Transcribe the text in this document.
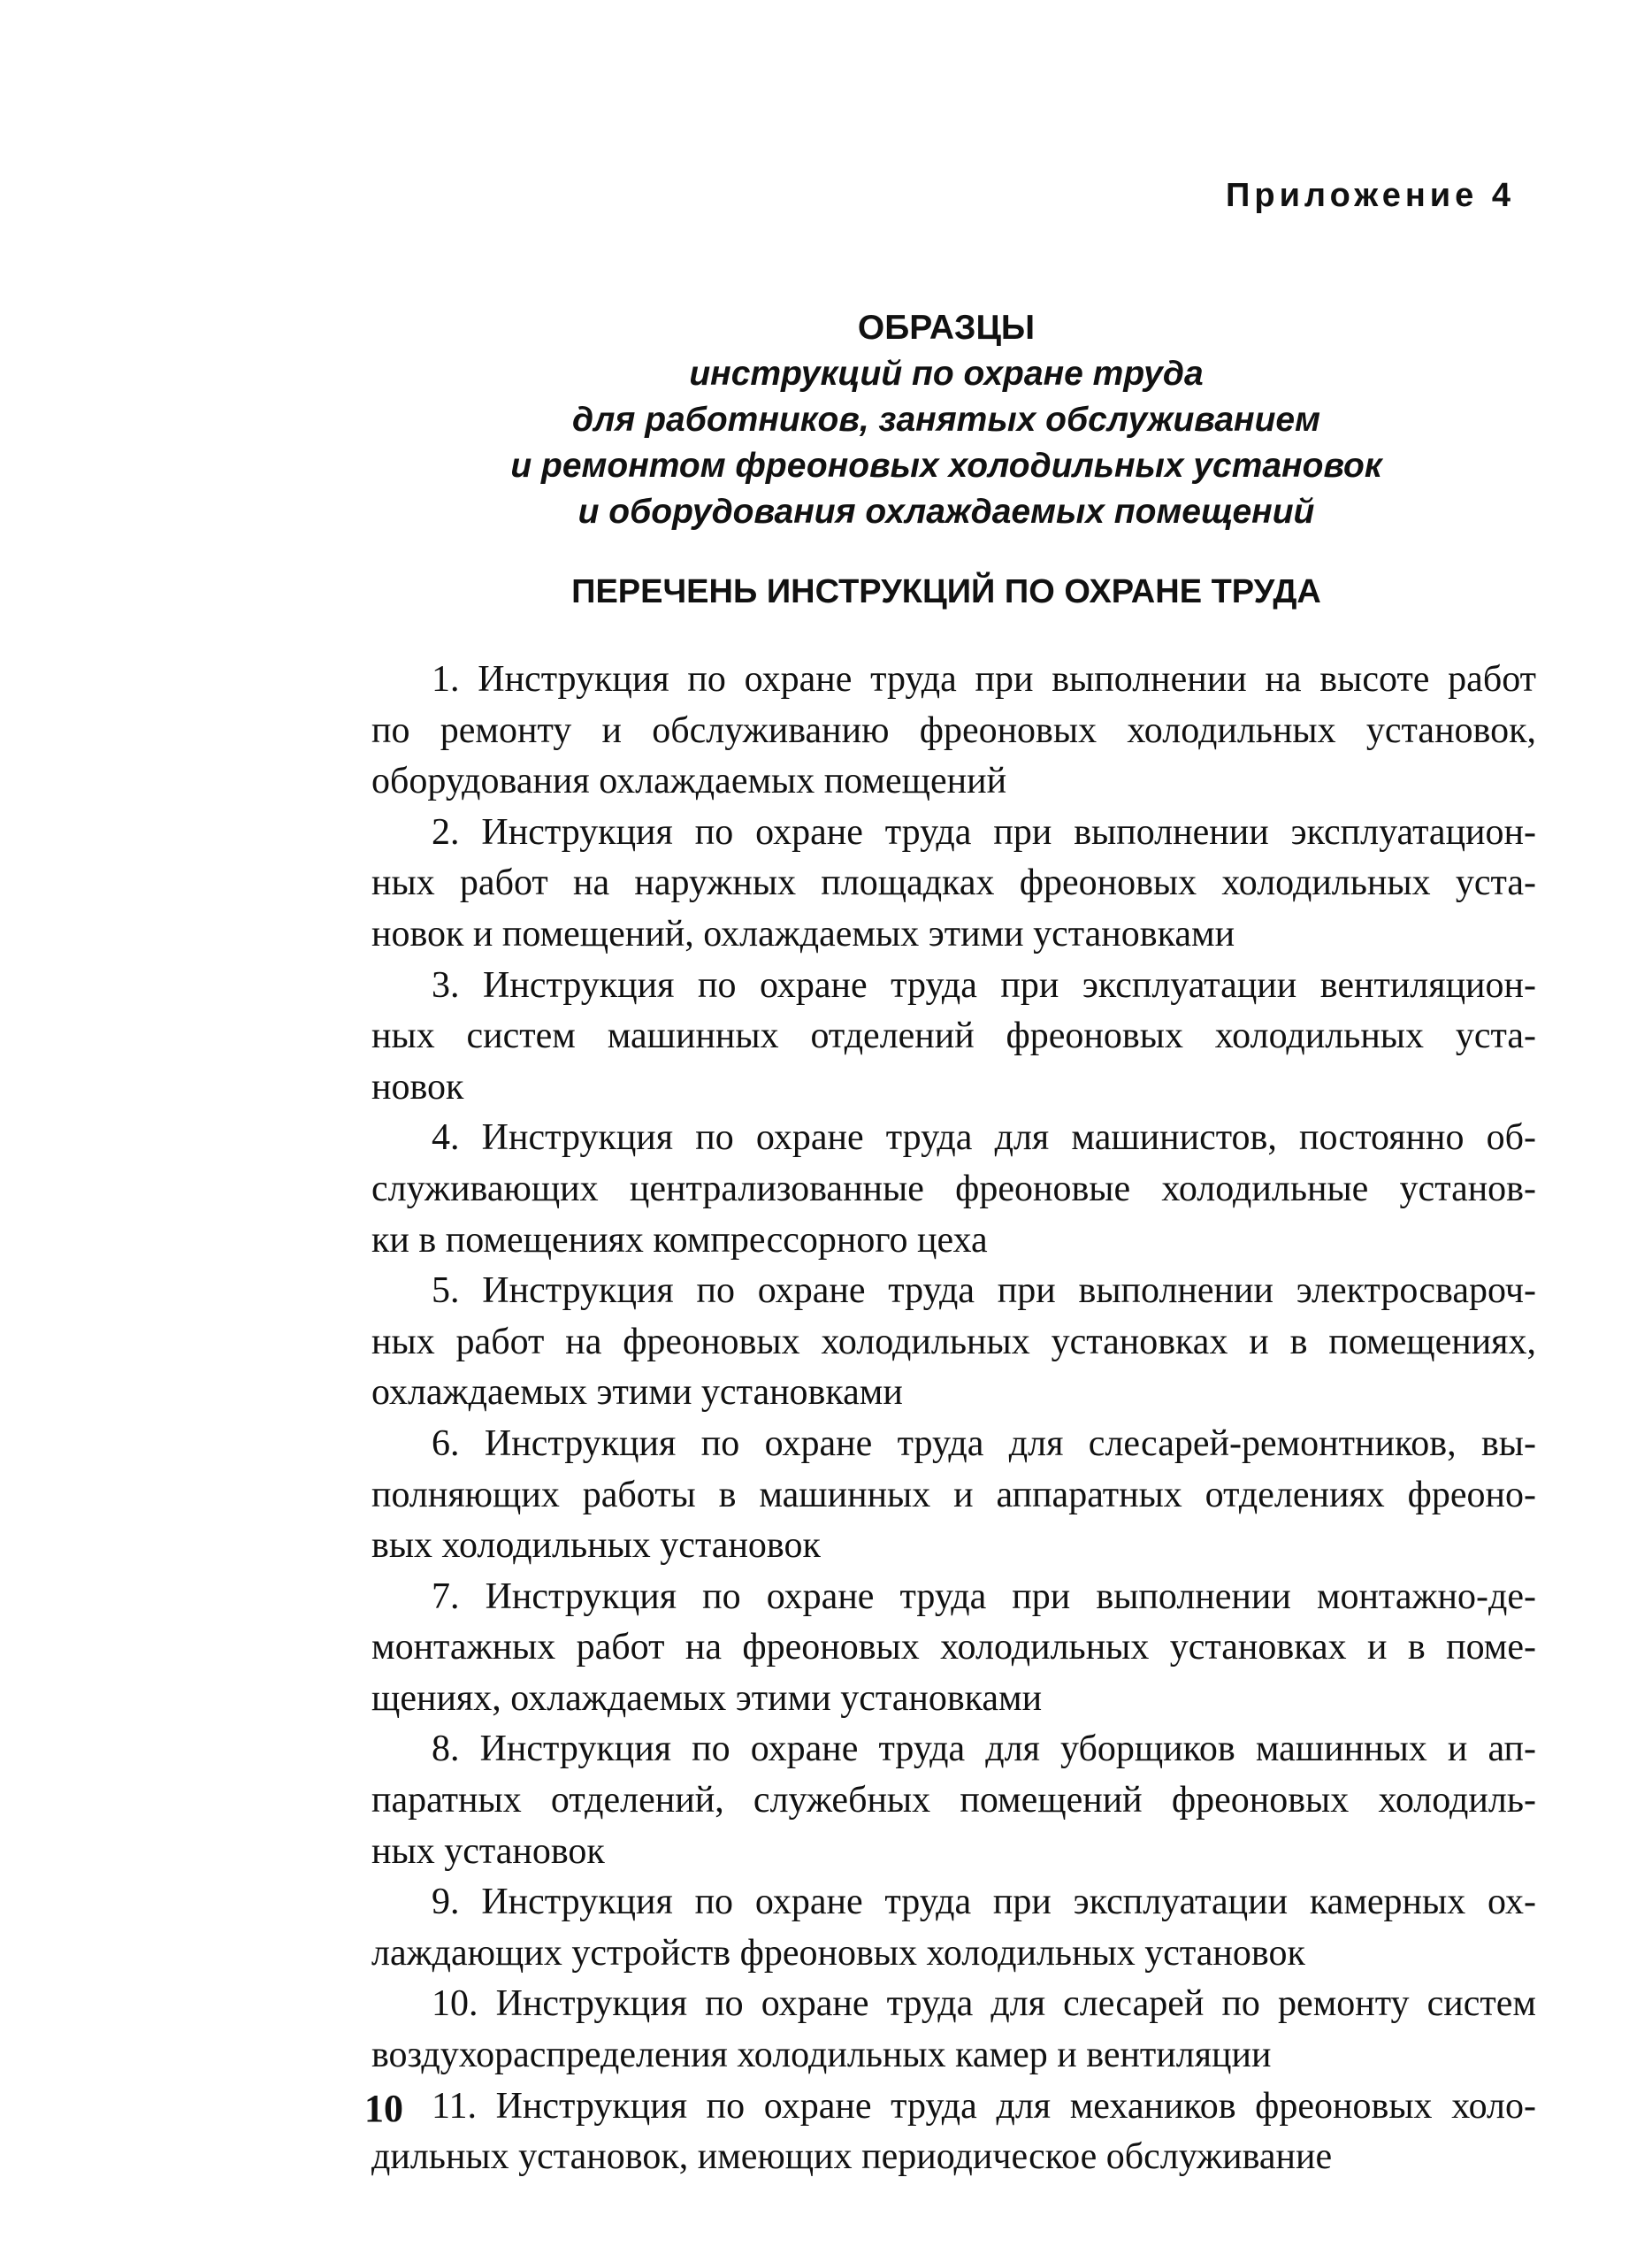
Приложение 4
ОБРАЗЦЫ
инструкций по охране труда
для работников, занятых обслуживанием
и ремонтом фреоновых холодильных установок
и оборудования охлаждаемых помещений
ПЕРЕЧЕНЬ ИНСТРУКЦИЙ ПО ОХРАНЕ ТРУДА
1. Инструкция по охране труда при выполнении на высоте работ
по ремонту и обслуживанию фреоновых холодильных установок,
оборудования охлаждаемых помещений
2. Инструкция по охране труда при выполнении эксплуатацион-
ных работ на наружных площадках фреоновых холодильных уста-
новок и помещений, охлаждаемых этими установками
3. Инструкция по охране труда при эксплуатации вентиляцион-
ных систем машинных отделений фреоновых холодильных уста-
новок
4. Инструкция по охране труда для машинистов, постоянно об-
служивающих централизованные фреоновые холодильные установ-
ки в помещениях компрессорного цеха
5. Инструкция по охране труда при выполнении электросвароч-
ных работ на фреоновых холодильных установках и в помещениях,
охлаждаемых этими установками
6. Инструкция по охране труда для слесарей-ремонтников, вы-
полняющих работы в машинных и аппаратных отделениях фреоно-
вых холодильных установок
7. Инструкция по охране труда при выполнении монтажно-де-
монтажных работ на фреоновых холодильных установках и в поме-
щениях, охлаждаемых этими установками
8. Инструкция по охране труда для уборщиков машинных и ап-
паратных отделений, служебных помещений фреоновых холодиль-
ных установок
9. Инструкция по охране труда при эксплуатации камерных ох-
лаждающих устройств фреоновых холодильных установок
10. Инструкция по охране труда для слесарей по ремонту систем
воздухораспределения холодильных камер и вентиляции
11. Инструкция по охране труда для механиков фреоновых холо-
дильных установок, имеющих периодическое обслуживание
10
